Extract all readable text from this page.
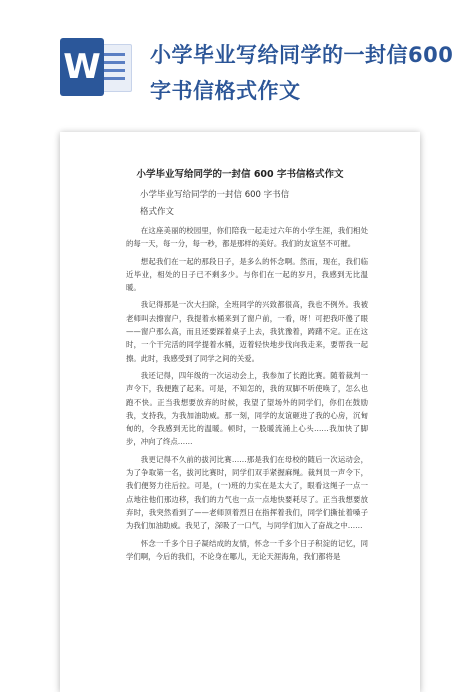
W 小学毕业写给同学的一封信600字书信格式作文
小学毕业写给同学的一封信 600 字书信格式作文
小学毕业写给同学的一封信 600 字书信
格式作文

在这座美丽的校园里，你们陪我一起走过六年的小学生涯，我们相处的每一天，每一分，每一秒，都是那样的美好。我们的友谊坚不可摧。

想起我们在一起的那段日子，是多么的怀念啊。然而，现在，我们临近毕业，相处的日子已不剩多少。与你们在一起的岁月，我感到无比温暖。

我记得那是一次大扫除，全班同学的兴致都很高，我也不例外。我被老师叫去擦窗户，我提着水桶来到了窗户前，一看，呀！可把我吓傻了眼——窗户那么高，而且还要踩着桌子上去，我犹豫着，踌躇不定。正在这时，一个干完活的同学提着水桶，迈着轻快地步伐向我走来，要帮我一起擦。此时，我感受到了同学之间的关爱。

我还记得，四年级的一次运动会上，我参加了长跑比赛。随着裁判一声令下，我便跑了起来。可是，不知怎的，我的双脚不听使唤了，怎么也跑不快。正当我想要放弃的时候，我望了望场外的同学们，你们在鼓励我，支持我，为我加油助威。那一刻，同学的友谊砸进了我的心房，沉甸甸的，令我感到无比的温暖。顿时，一股暖流涌上心头……我加快了脚步，冲向了终点……

我更记得不久前的拔河比赛……那是我们在母校的随后一次运动会，为了争取第一名，拔河比赛时，同学们双手紧握麻绳。裁判员一声令下，我们便努力往后拉。可是，(一)班的力实在是太大了，眼看这绳子一点一点地往他们那边移，我们的力气也一点一点地快要耗尽了。正当我想要放弃时，我突然看到了——老师顶着烈日在指挥着我们，同学们撕扯着嗓子为我们加油助威。我见了，深吸了一口气，与同学们加入了奋战之中……

怀念一千多个日子凝结成的友情，怀念一千多个日子积淀的记忆，同学们啊，今后的我们，不论身在哪儿，无论天涯海角，我们都将是
